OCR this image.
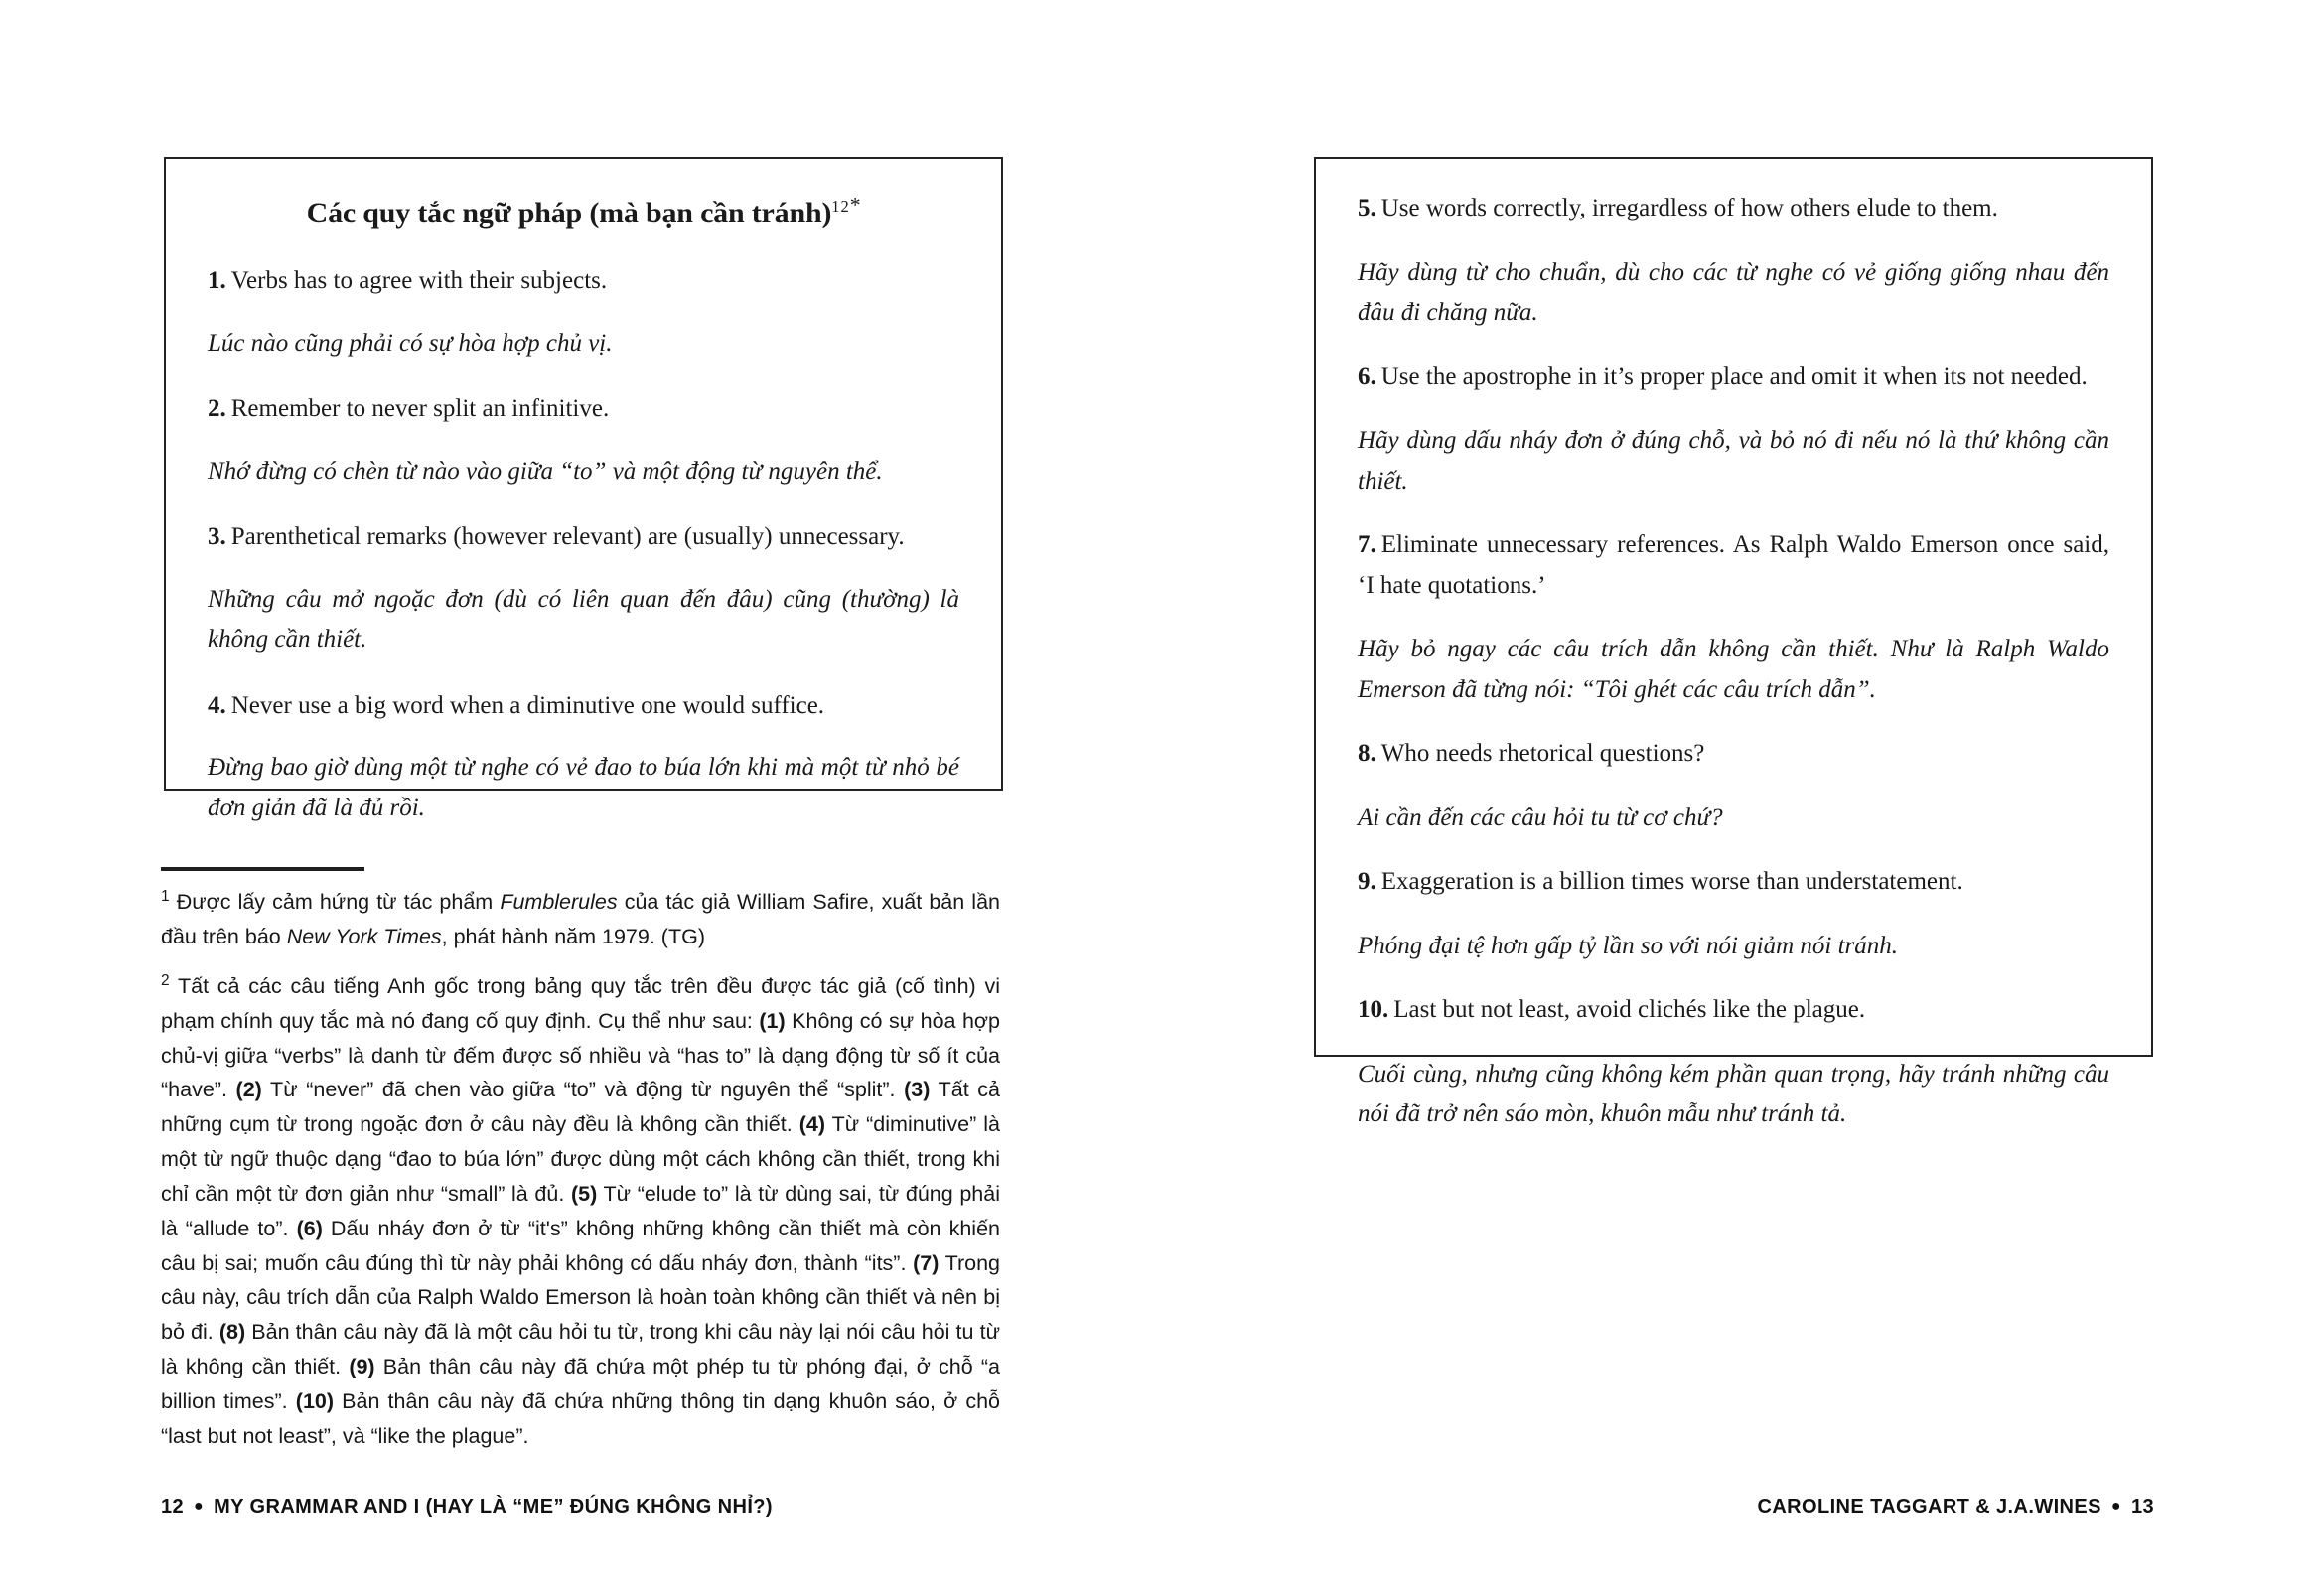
Các quy tắc ngữ pháp (mà bạn cần tránh)$^{12*}$

1. Verbs has to agree with their subjects.

Lúc nào cũng phải có sự hòa hợp chủ vị.

2. Remember to never split an infinitive.

Nhớ đừng có chèn từ nào vào giữa “to” và một động từ nguyên thể.

3. Parenthetical remarks (however relevant) are (usually) unnecessary.

Những câu mở ngoặc đơn (dù có liên quan đến đâu) cũng (thường) là không cần thiết.

4. Never use a big word when a diminutive one would suffice.

Đừng bao giờ dùng một từ nghe có vẻ đao to búa lớn khi mà một từ nhỏ bé đơn giản đã là đủ rồi.

$^1$ Được lấy cảm hứng từ tác phẩm Fumblerules của tác giả William Safire, xuất bản lần đầu trên báo New York Times, phát hành năm 1979. (TG)

$^2$ Tất cả các câu tiếng Anh gốc trong bảng quy tắc trên đều được tác giả (cố tình) vi phạm chính quy tắc mà nó đang cố quy định. Cụ thể như sau: (1) Không có sự hòa hợp chủ-vị giữa “verbs” là danh từ đếm được số nhiều và “has to” là dạng động từ số ít của “have”. (2) Từ “never” đã chen vào giữa “to” và động từ nguyên thể “split”. (3) Tất cả những cụm từ trong ngoặc đơn ở câu này đều là không cần thiết. (4) Từ “diminutive” là một từ ngữ thuộc dạng “đao to búa lớn” được dùng một cách không cần thiết, trong khi chỉ cần một từ đơn giản như “small” là đủ. (5) Từ “elude to” là từ dùng sai, từ đúng phải là “allude to”. (6) Dấu nháy đơn ở từ “it's” không những không cần thiết mà còn khiến câu bị sai; muốn câu đúng thì từ này phải không có dấu nháy đơn, thành “its”. (7) Trong câu này, câu trích dẫn của Ralph Waldo Emerson là hoàn toàn không cần thiết và nên bị bỏ đi. (8) Bản thân câu này đã là một câu hỏi tu từ, trong khi câu này lại nói câu hỏi tu từ là không cần thiết. (9) Bản thân câu này đã chứa một phép tu từ phóng đại, ở chỗ “a billion times”. (10) Bản thân câu này đã chứa những thông tin dạng khuôn sáo, ở chỗ “last but not least”, và “like the plague”.

12 ● MY GRAMMAR AND I (HAY LÀ “ME” ĐÚNG KHÔNG NHỈ?)

5. Use words correctly, irregardless of how others elude to them.

Hãy dùng từ cho chuẩn, dù cho các từ nghe có vẻ giống giống nhau đến đâu đi chăng nữa.

6. Use the apostrophe in it’s proper place and omit it when its not needed.

Hãy dùng dấu nháy đơn ở đúng chỗ, và bỏ nó đi nếu nó là thứ không cần thiết.

7. Eliminate unnecessary references. As Ralph Waldo Emerson once said, ‘I hate quotations.’

Hãy bỏ ngay các câu trích dẫn không cần thiết. Như là Ralph Waldo Emerson đã từng nói: “Tôi ghét các câu trích dẫn”.

8. Who needs rhetorical questions?

Ai cần đến các câu hỏi tu từ cơ chứ?

9. Exaggeration is a billion times worse than understatement.

Phóng đại tệ hơn gấp tỷ lần so với nói giảm nói tránh.

10. Last but not least, avoid clichés like the plague.

Cuối cùng, nhưng cũng không kém phần quan trọng, hãy tránh những câu nói đã trở nên sáo mòn, khuôn mẫu như tránh tả.

CAROLINE TAGGART & J.A.WINES ● 13
